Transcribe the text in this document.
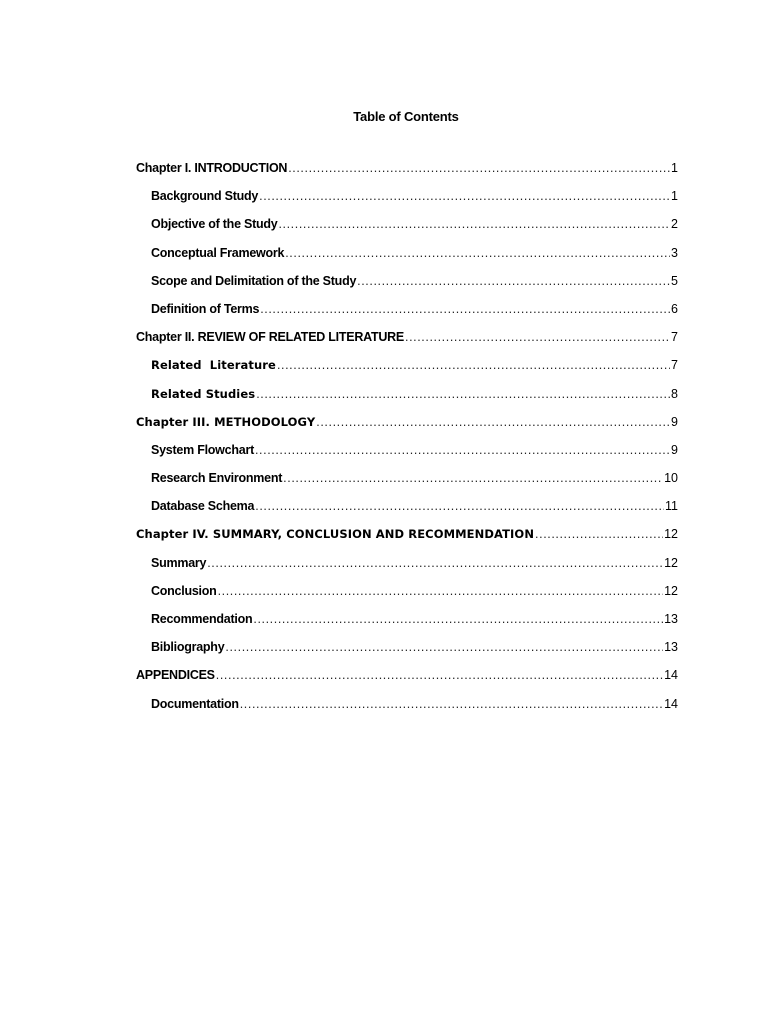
Table of Contents
Chapter I. INTRODUCTION .....	1
Background Study .....	1
Objective of the Study .....	2
Conceptual Framework .....	3
Scope and Delimitation of the Study .....	5
Definition of Terms .....	6
Chapter II. REVIEW OF RELATED LITERATURE .....	7
Related  Literature .....	7
Related Studies .....	8
Chapter III. METHODOLOGY .....	9
System Flowchart .....	9
Research Environment .....	10
Database Schema .....	11
Chapter IV. SUMMARY, CONCLUSION AND RECOMMENDATION .....	12
Summary .....	12
Conclusion .....	12
Recommendation .....	13
Bibliography .....	13
APPENDICES .....	14
Documentation .....	14
